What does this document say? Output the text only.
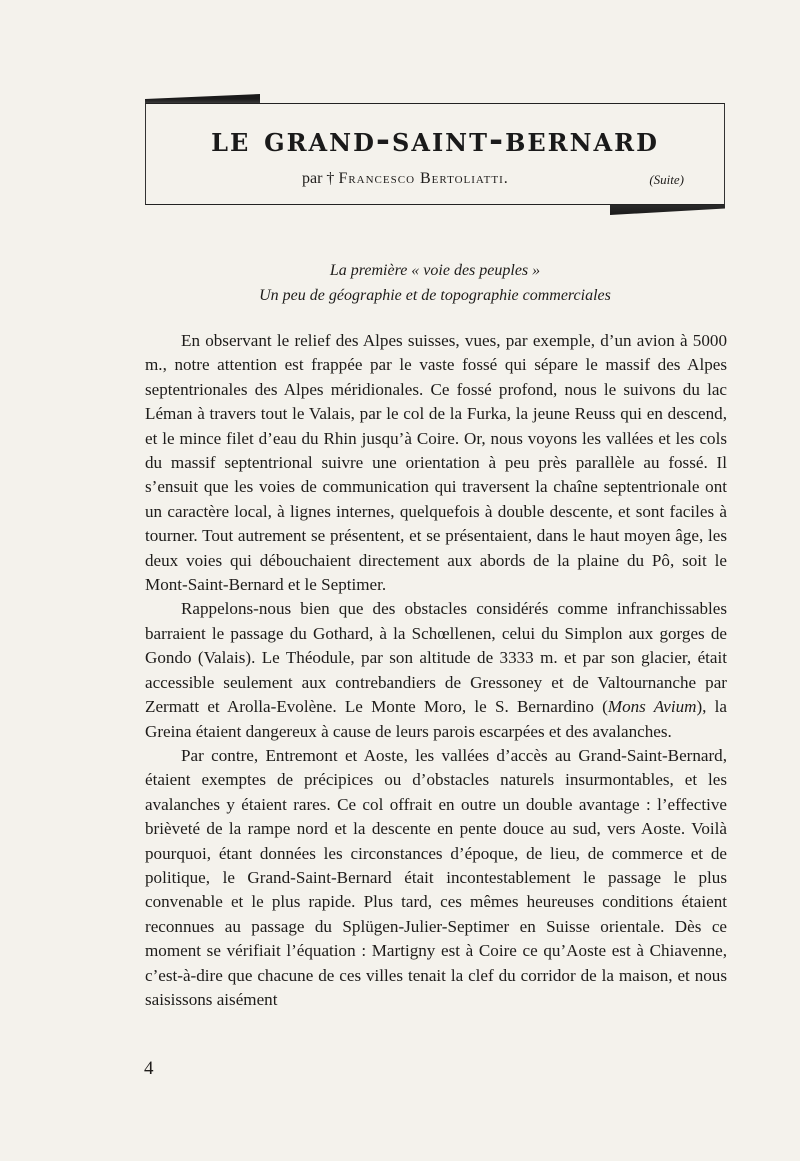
le grand-saint-bernard
par † Francesco Bertoliatti.	(Suite)
La première « voie des peuples »
Un peu de géographie et de topographie commerciales

En observant le relief des Alpes suisses, vues, par exemple, d’un avion à 5000 m., notre attention est frappée par le vaste fossé qui sépare le massif des Alpes septentrionales des Alpes méridionales. Ce fossé profond, nous le suivons du lac Léman à travers tout le Valais, par le col de la Furka, la jeune Reuss qui en descend, et le mince filet d’eau du Rhin jusqu’à Coire. Or, nous voyons les vallées et les cols du massif septentrional suivre une orientation à peu près parallèle au fossé. Il s’ensuit que les voies de communication qui traversent la chaîne septentrionale ont un caractère local, à lignes internes, quelquefois à double descente, et sont faciles à tourner. Tout autrement se présentent, et se présentaient, dans le haut moyen âge, les deux voies qui débouchaient directement aux abords de la plaine du Pô, soit le Mont-Saint-Bernard et le Septimer.

Rappelons-nous bien que des obstacles considérés comme infranchissables barraient le passage du Gothard, à la Schœllenen, celui du Simplon aux gorges de Gondo (Valais). Le Théodule, par son altitude de 3333 m. et par son glacier, était accessible seulement aux contrebandiers de Gressoney et de Valtournanche par Zermatt et Arolla-Evolène. Le Monte Moro, le S. Bernardino (Mons Avium), la Greina étaient dangereux à cause de leurs parois escarpées et des avalanches.

Par contre, Entremont et Aoste, les vallées d’accès au Grand-Saint-Bernard, étaient exemptes de précipices ou d’obstacles naturels insurmontables, et les avalanches y étaient rares. Ce col offrait en outre un double avantage : l’effective brièveté de la rampe nord et la descente en pente douce au sud, vers Aoste. Voilà pourquoi, étant données les circonstances d’époque, de lieu, de commerce et de politique, le Grand-Saint-Bernard était incontestablement le passage le plus convenable et le plus rapide. Plus tard, ces mêmes heureuses conditions étaient reconnues au passage du Splügen-Julier-Septimer en Suisse orientale. Dès ce moment se vérifiait l’équation : Martigny est à Coire ce qu’Aoste est à Chiavenne, c’est-à-dire que chacune de ces villes tenait la clef du corridor de la maison, et nous saisissons aisément

4
